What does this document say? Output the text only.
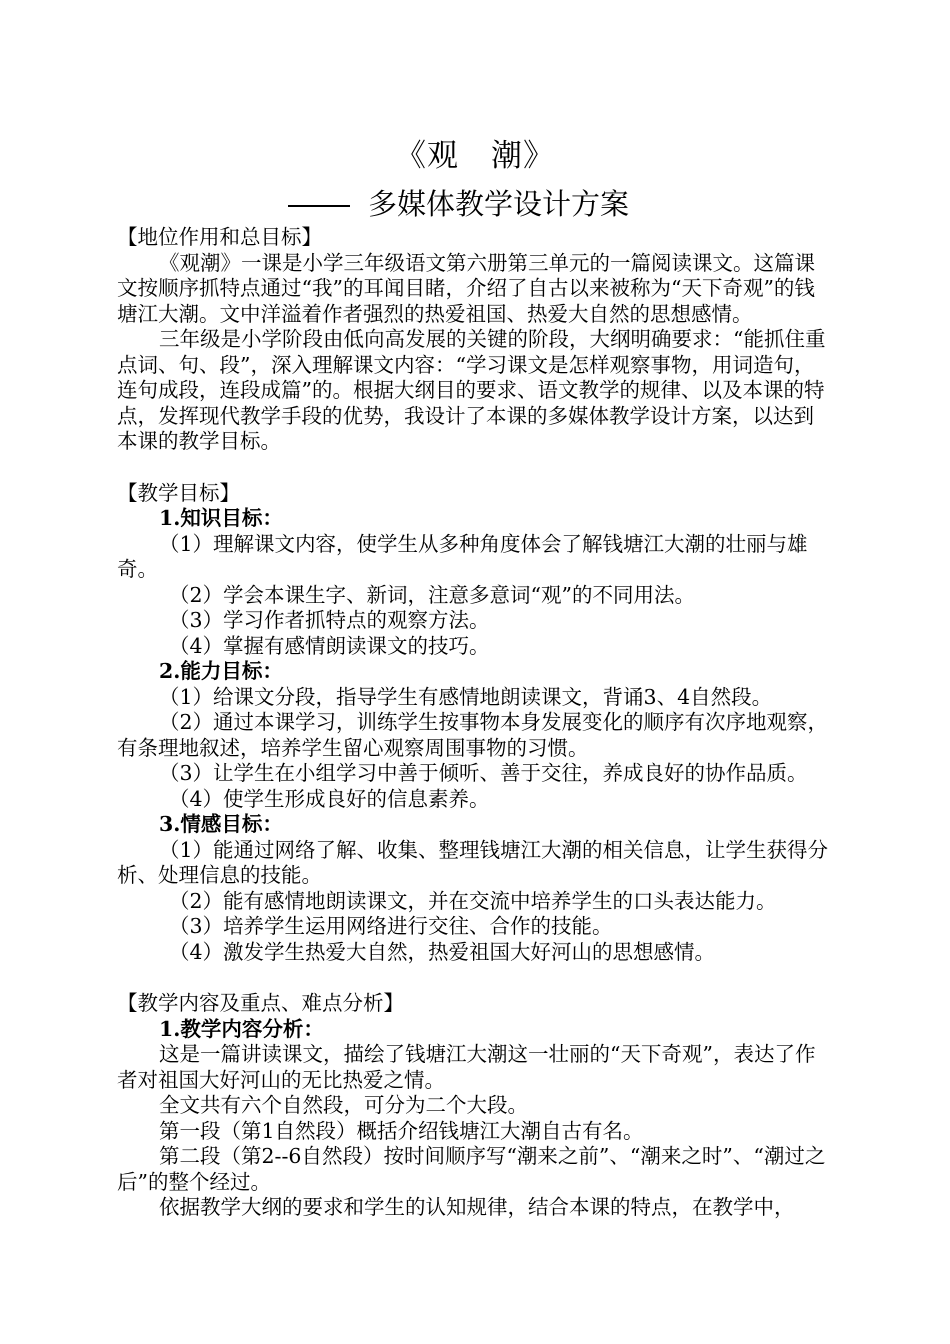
《观　潮》
多媒体教学设计方案

【地位作用和总目标】

《观潮》一课是小学三年级语文第六册第三单元的一篇阅读课文。这篇课文按顺序抓特点通过“我”的耳闻目睹，介绍了自古以来被称为“天下奇观”的钱塘江大潮。文中洋溢着作者强烈的热爱祖国、热爱大自然的思想感情。

三年级是小学阶段由低向高发展的关键的阶段，大纲明确要求：“能抓住重点词、句、段”，深入理解课文内容：“学习课文是怎样观察事物，用词造句，连句成段，连段成篇”的。根据大纲目的要求、语文教学的规律、以及本课的特点，发挥现代教学手段的优势，我设计了本课的多媒体教学设计方案，以达到本课的教学目标。

【教学目标】

1.知识目标：

（1）理解课文内容，使学生从多种角度体会了解钱塘江大潮的壮丽与雄奇。

（2）学会本课生字、新词，注意多意词“观”的不同用法。

（3）学习作者抓特点的观察方法。

（4）掌握有感情朗读课文的技巧。

2.能力目标：

（1）给课文分段，指导学生有感情地朗读课文，背诵3、4自然段。

（2）通过本课学习，训练学生按事物本身发展变化的顺序有次序地观察，有条理地叙述，培养学生留心观察周围事物的习惯。

（3）让学生在小组学习中善于倾听、善于交往，养成良好的协作品质。

（4）使学生形成良好的信息素养。

3.情感目标：

（1）能通过网络了解、收集、整理钱塘江大潮的相关信息，让学生获得分析、处理信息的技能。

（2）能有感情地朗读课文，并在交流中培养学生的口头表达能力。

（3）培养学生运用网络进行交往、合作的技能。

（4）激发学生热爱大自然，热爱祖国大好河山的思想感情。

【教学内容及重点、难点分析】

1.教学内容分析：

这是一篇讲读课文，描绘了钱塘江大潮这一壮丽的“天下奇观”，表达了作者对祖国大好河山的无比热爱之情。

全文共有六个自然段，可分为二个大段。

第一段（第1自然段）概括介绍钱塘江大潮自古有名。

第二段（第2--6自然段）按时间顺序写“潮来之前”、“潮来之时”、“潮过之后”的整个经过。

依据教学大纲的要求和学生的认知规律，结合本课的特点，在教学中，
